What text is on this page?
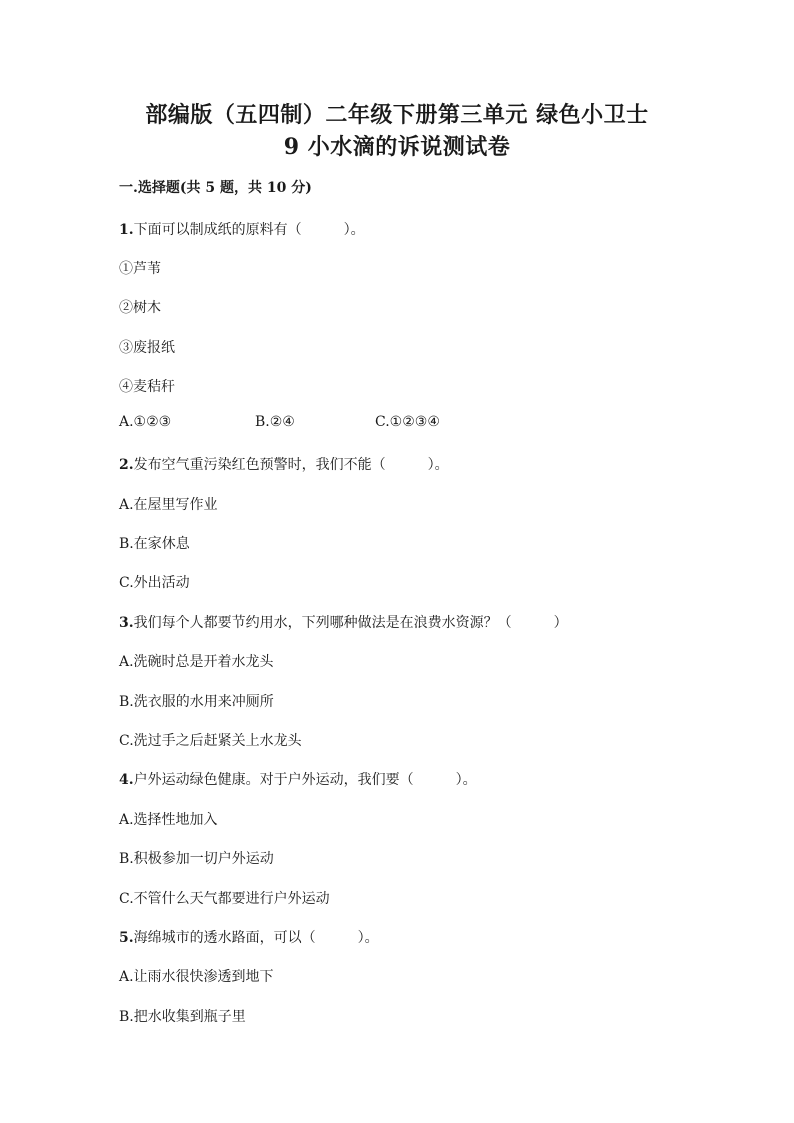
部编版（五四制）二年级下册第三单元 绿色小卫士
9 小水滴的诉说测试卷
一.选择题(共 5 题，共 10 分)
1.下面可以制成纸的原料有（　　　）。
①芦苇
②树木
③废报纸
④麦秸秆
A.①②③	B.②④	C.①②③④
2.发布空气重污染红色预警时，我们不能（　　　）。
A.在屋里写作业
B.在家休息
C.外出活动
3.我们每个人都要节约用水，下列哪种做法是在浪费水资源？（　　　）
A.洗碗时总是开着水龙头
B.洗衣服的水用来冲厕所
C.洗过手之后赶紧关上水龙头
4.户外运动绿色健康。对于户外运动，我们要（　　　）。
A.选择性地加入
B.积极参加一切户外运动
C.不管什么天气都要进行户外运动
5.海绵城市的透水路面，可以（　　　）。
A.让雨水很快渗透到地下
B.把水收集到瓶子里
